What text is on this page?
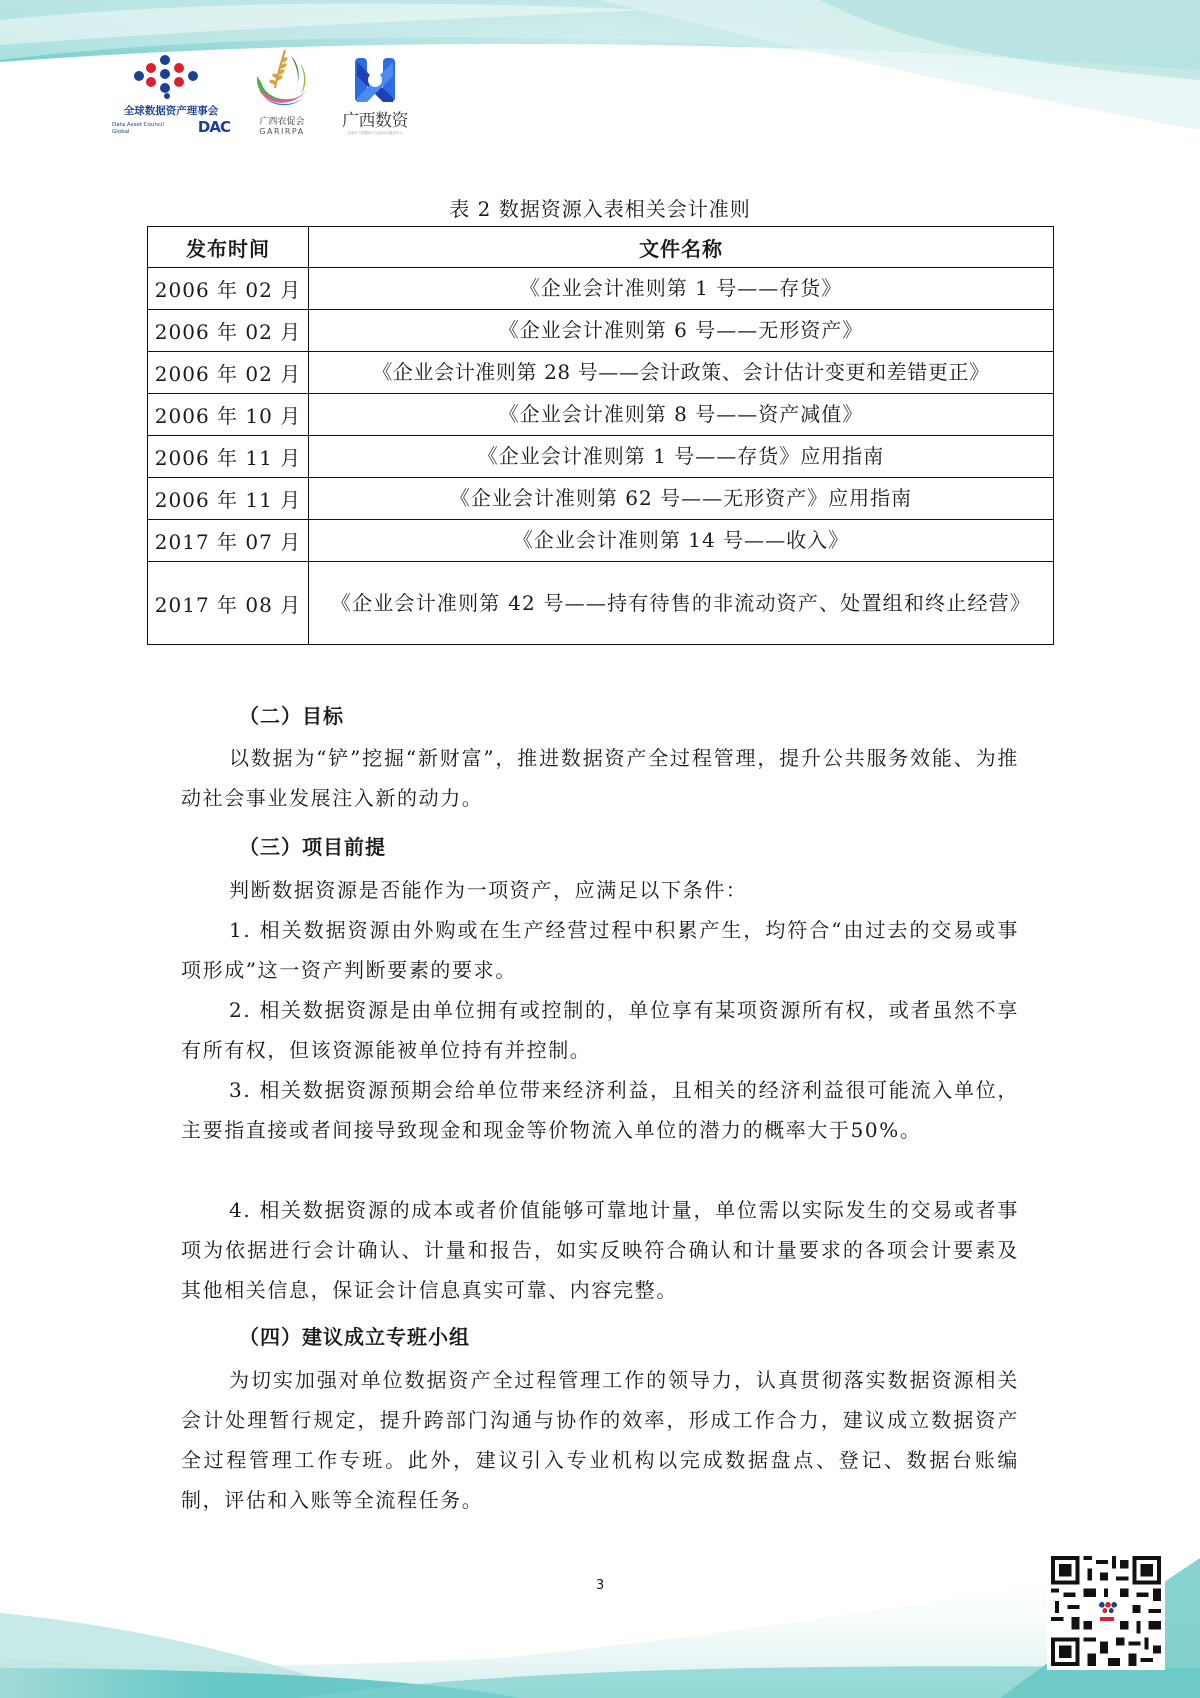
全球数据资产理事会
Data Asset Council Global	DAC	广西农促会
GARIRPA
广西数资
全国首个数据资产运营综合服务中心
表 2 数据资源入表相关会计准则
发布时间	文件名称
2006 年 02 月	《企业会计准则第 1 号——存货》
2006 年 02 月	《企业会计准则第 6 号——无形资产》
2006 年 02 月	《企业会计准则第 28 号——会计政策、会计估计变更和差错更正》
2006 年 10 月	《企业会计准则第 8 号——资产减值》
2006 年 11 月	《企业会计准则第 1 号——存货》应用指南
2006 年 11 月	《企业会计准则第 62 号——无形资产》应用指南
2017 年 07 月	《企业会计准则第 14 号——收入》
2017 年 08 月	《企业会计准则第 42 号——持有待售的非流动资产、处置组和终止经营》
（二）目标
以数据为“铲”挖掘“新财富”，推进数据资产全过程管理，提升公共服务效能、为推动社会事业发展注入新的动力。
（三）项目前提
判断数据资源是否能作为一项资产，应满足以下条件：
1. 相关数据资源由外购或在生产经营过程中积累产生，均符合“由过去的交易或事项形成”这一资产判断要素的要求。
2. 相关数据资源是由单位拥有或控制的，单位享有某项资源所有权，或者虽然不享有所有权，但该资源能被单位持有并控制。
3. 相关数据资源预期会给单位带来经济利益，且相关的经济利益很可能流入单位，主要指直接或者间接导致现金和现金等价物流入单位的潜力的概率大于50%。
4. 相关数据资源的成本或者价值能够可靠地计量，单位需以实际发生的交易或者事项为依据进行会计确认、计量和报告，如实反映符合确认和计量要求的各项会计要素及其他相关信息，保证会计信息真实可靠、内容完整。
（四）建议成立专班小组
为切实加强对单位数据资产全过程管理工作的领导力，认真贯彻落实数据资源相关会计处理暂行规定，提升跨部门沟通与协作的效率，形成工作合力，建议成立数据资产全过程管理工作专班。此外，建议引入专业机构以完成数据盘点、登记、数据台账编制，评估和入账等全流程任务。
3
